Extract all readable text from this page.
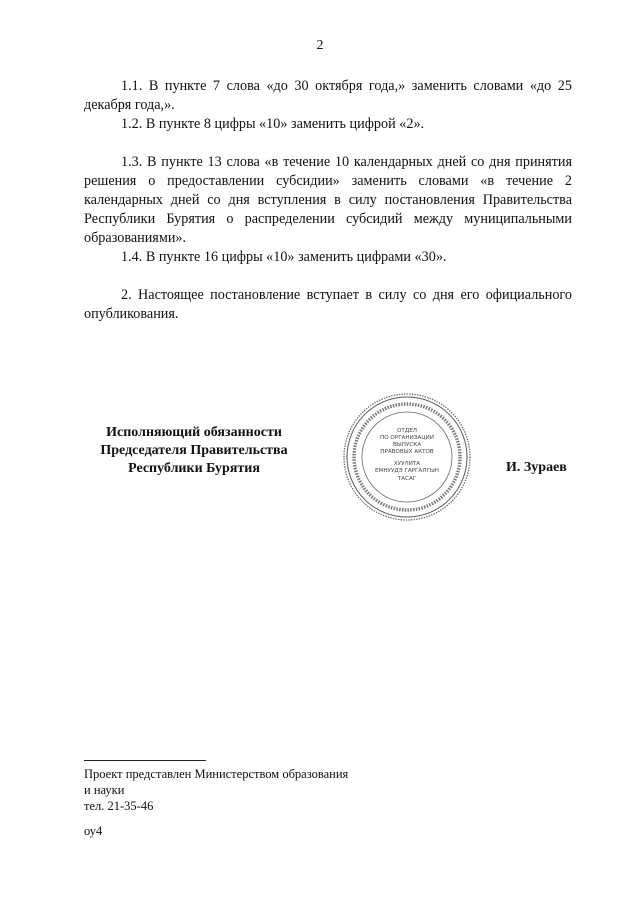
2

1.1. В пункте 7 слова «до 30 октября года,» заменить словами «до 25 декабря года,».

1.2. В пункте 8 цифры «10» заменить цифрой «2».

1.3. В пункте 13 слова «в течение 10 календарных дней со дня принятия решения о предоставлении субсидии» заменить словами «в течение 2 календарных дней со дня вступления в силу постановления Правительства Республики Бурятия о распределении субсидий между муниципальными образованиями».

1.4. В пункте 16 цифры «10» заменить цифрами «30».

2. Настоящее постановление вступает в силу со дня его официального опубликования.

Исполняющий обязанности
Председателя Правительства
Республики Бурятия
ОТДЕЛ
ПО ОРГАНИЗАЦИИ
ВЫПУСКА
ПРАВОВЫХ АКТОВ
ХУУЛИТА
ЕМНУУДЭ ГАРГАЛГЫН
ТАСАГ
И. Зураев
Проект представлен Министерством образования
и науки
тел. 21-35-46
оу4
